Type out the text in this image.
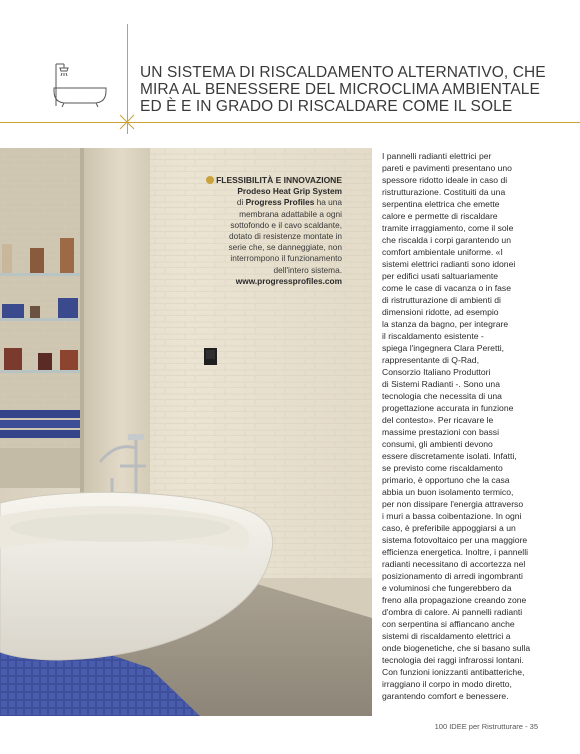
UN SISTEMA DI RISCALDAMENTO ALTERNATIVO, CHE
MIRA AL BENESSERE DEL MICROCLIMA AMBIENTALE
ED È E IN GRADO DI RISCALDARE COME IL SOLE
FLESSIBILITÀ E INNOVAZIONE
Prodeso Heat Grip System
di Progress Profiles ha una
membrana adattabile a ogni
sottofondo e il cavo scaldante,
dotato di resistenze montate in
serie che, se danneggiate, non
interrompono il funzionamento
dell'intero sistema.
www.progressprofiles.com
I pannelli radianti elettrici per
pareti e pavimenti presentano uno
spessore ridotto ideale in caso di
ristrutturazione. Costituiti da una
serpentina elettrica che emette
calore e permette di riscaldare
tramite irraggiamento, come il sole
che riscalda i corpi garantendo un
comfort ambientale uniforme. «I
sistemi elettrici radianti sono idonei
per edifici usati saltuariamente
come le case di vacanza o in fase
di ristrutturazione di ambienti di
dimensioni ridotte, ad esempio
la stanza da bagno, per integrare
il riscaldamento esistente -
spiega l'ingegnera Clara Peretti,
rappresentante di Q-Rad,
Consorzio Italiano Produttori
di Sistemi Radianti -. Sono una
tecnologia che necessita di una
progettazione accurata in funzione
del contesto». Per ricavare le
massime prestazioni con bassi
consumi, gli ambienti devono
essere discretamente isolati. Infatti,
se previsto come riscaldamento
primario, è opportuno che la casa
abbia un buon isolamento termico,
per non dissipare l'energia attraverso
i muri a bassa coibentazione. In ogni
caso, è preferibile appoggiarsi a un
sistema fotovoltaico per una maggiore
efficienza energetica. Inoltre, i pannelli
radianti necessitano di accortezza nel
posizionamento di arredi ingombranti
e voluminosi che fungerebbero da
freno alla propagazione creando zone
d'ombra di calore. Ai pannelli radianti
con serpentina si affiancano anche
sistemi di riscaldamento elettrici a
onde biogenetiche, che si basano sulla
tecnologia dei raggi infrarossi lontani.
Con funzioni ionizzanti antibatteriche,
irraggiano il corpo in modo diretto,
garantendo comfort e benessere.
100 IDEE per Ristrutturare - 35
